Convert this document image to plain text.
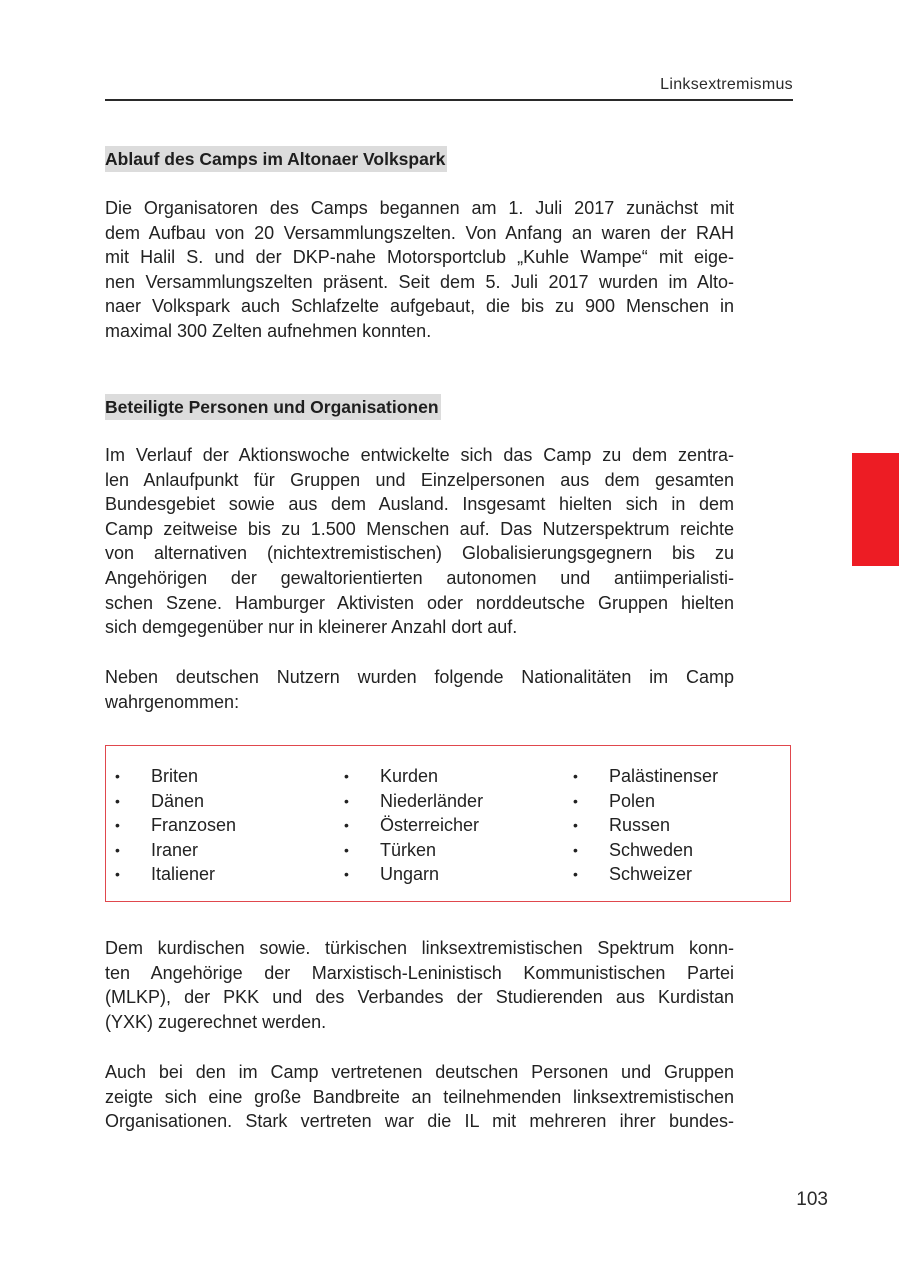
Linksextremismus
Ablauf des Camps im Altonaer Volkspark
Die Organisatoren des Camps begannen am 1. Juli 2017 zunächst mit
dem Aufbau von 20 Versammlungszelten. Von Anfang an waren der RAH
mit Halil S. und der DKP-nahe Motorsportclub „Kuhle Wampe“ mit eige-
nen Versammlungszelten präsent. Seit dem 5. Juli 2017 wurden im Alto-
naer Volkspark auch Schlafzelte aufgebaut, die bis zu 900 Menschen in
maximal 300 Zelten aufnehmen konnten.
Beteiligte Personen und Organisationen
Im Verlauf der Aktionswoche entwickelte sich das Camp zu dem zentra-
len Anlaufpunkt für Gruppen und Einzelpersonen aus dem gesamten
Bundesgebiet sowie aus dem Ausland. Insgesamt hielten sich in dem
Camp zeitweise bis zu 1.500 Menschen auf. Das Nutzerspektrum reichte
von alternativen (nichtextremistischen) Globalisierungsgegnern bis zu
Angehörigen der gewaltorientierten autonomen und antiimperialisti-
schen Szene. Hamburger Aktivisten oder norddeutsche Gruppen hielten
sich demgegenüber nur in kleinerer Anzahl dort auf.
Neben deutschen Nutzern wurden folgende Nationalitäten im Camp
wahrgenommen:
•	Briten
•	Dänen
•	Franzosen
•	Iraner
•	Italiener
•	Kurden
•	Niederländer
•	Österreicher
•	Türken
•	Ungarn
•	Palästinenser
•	Polen
•	Russen
•	Schweden
•	Schweizer
Dem kurdischen sowie. türkischen linksextremistischen Spektrum konn-
ten Angehörige der Marxistisch-Leninistisch Kommunistischen Partei
(MLKP), der PKK und des Verbandes der Studierenden aus Kurdistan
(YXK) zugerechnet werden.
Auch bei den im Camp vertretenen deutschen Personen und Gruppen
zeigte sich eine große Bandbreite an teilnehmenden linksextremistischen
Organisationen. Stark vertreten war die IL mit mehreren ihrer bundes-
103
